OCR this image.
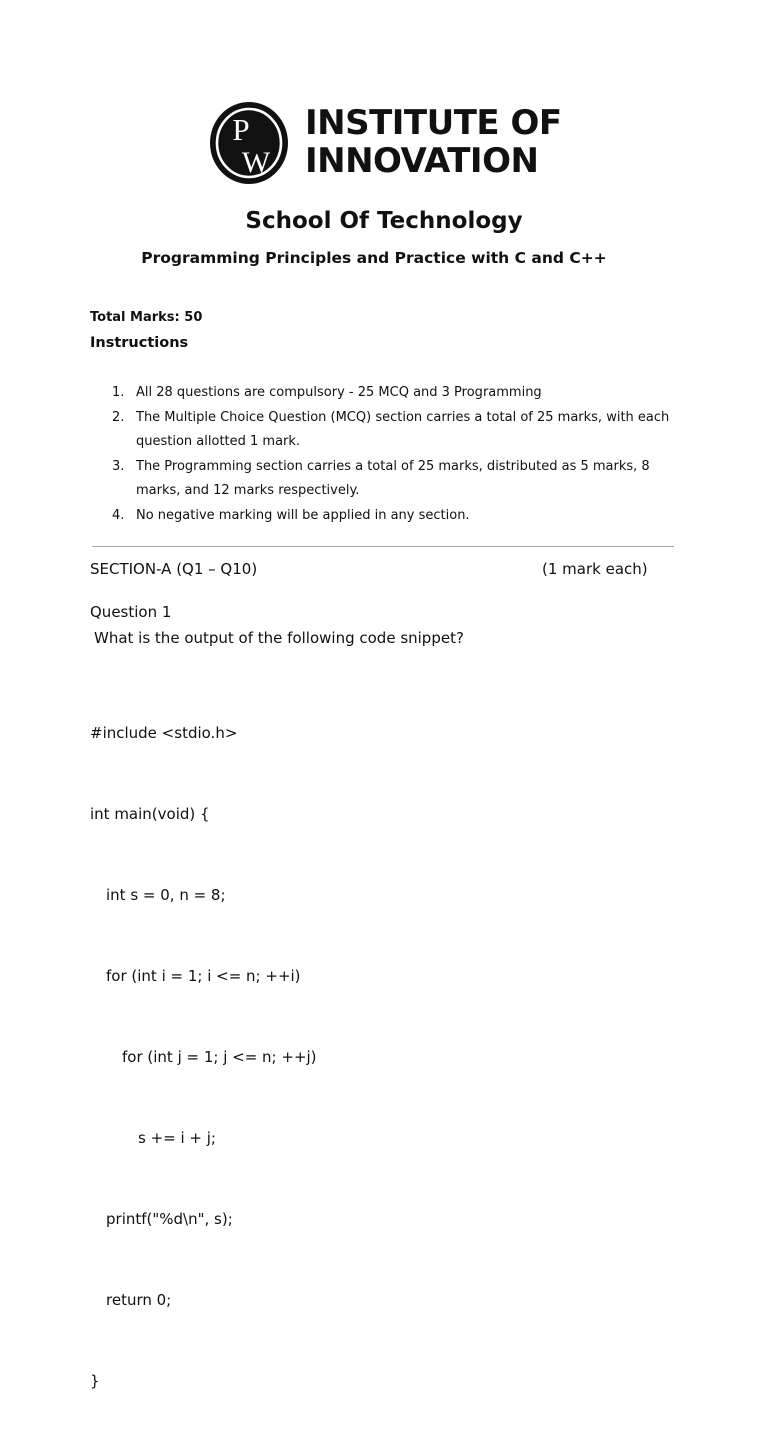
P
W
INSTITUTE OF
INNOVATION
School Of Technology
Programming Principles and Practice with C and C++
Total Marks: 50
Instructions
1. All 28 questions are compulsory - 25 MCQ and 3 Programming
2. The Multiple Choice Question (MCQ) section carries a total of 25 marks, with each question allotted 1 mark.
3. The Programming section carries a total of 25 marks, distributed as 5 marks, 8 marks, and 12 marks respectively.
4. No negative marking will be applied in any section.
SECTION-A (Q1 – Q10)	(1 mark each)
Question 1
What is the output of the following code snippet?

#include <stdio.h>

int main(void) {

int s = 0, n = 8;

for (int i = 1; i <= n; ++i)

for (int j = 1; j <= n; ++j)

s += i + j;

printf("%d\n", s);

return 0;

}
